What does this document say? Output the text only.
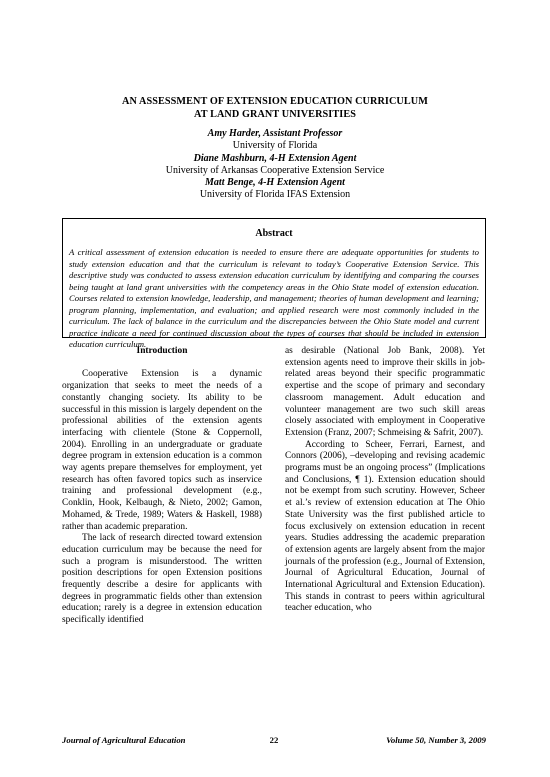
AN ASSESSMENT OF EXTENSION EDUCATION CURRICULUM
AT LAND GRANT UNIVERSITIES
Amy Harder, Assistant Professor
University of Florida
Diane Mashburn, 4-H Extension Agent
University of Arkansas Cooperative Extension Service
Matt Benge, 4-H Extension Agent
University of Florida IFAS Extension
Abstract
A critical assessment of extension education is needed to ensure there are adequate opportunities for students to study extension education and that the curriculum is relevant to today’s Cooperative Extension Service. This descriptive study was conducted to assess extension education curriculum by identifying and comparing the courses being taught at land grant universities with the competency areas in the Ohio State model of extension education. Courses related to extension knowledge, leadership, and management; theories of human development and learning; program planning, implementation, and evaluation; and applied research were most commonly included in the curriculum. The lack of balance in the curriculum and the discrepancies between the Ohio State model and current practice indicate a need for continued discussion about the types of courses that should be included in extension education curriculum.
Introduction

Cooperative Extension is a dynamic organization that seeks to meet the needs of a constantly changing society. Its ability to be successful in this mission is largely dependent on the professional abilities of the extension agents interfacing with clientele (Stone & Coppernoll, 2004). Enrolling in an undergraduate or graduate degree program in extension education is a common way agents prepare themselves for employment, yet research has often favored topics such as inservice training and professional development (e.g., Conklin, Hook, Kelbaugh, & Nieto, 2002; Gamon, Mohamed, & Trede, 1989; Waters & Haskell, 1988) rather than academic preparation.

The lack of research directed toward extension education curriculum may be because the need for such a program is misunderstood. The written position descriptions for open Extension positions frequently describe a desire for applicants with degrees in programmatic fields other than extension education; rarely is a degree in extension education specifically identified

as desirable (National Job Bank, 2008). Yet extension agents need to improve their skills in job-related areas beyond their specific programmatic expertise and the scope of primary and secondary classroom management. Adult education and volunteer management are two such skill areas closely associated with employment in Cooperative Extension (Franz, 2007; Schmeising & Safrit, 2007).

According to Scheer, Ferrari, Earnest, and Connors (2006), –developing and revising academic programs must be an ongoing process” (Implications and Conclusions, ¶ 1). Extension education should not be exempt from such scrutiny. However, Scheer et al.’s review of extension education at The Ohio State University was the first published article to focus exclusively on extension education in recent years. Studies addressing the academic preparation of extension agents are largely absent from the major journals of the profession (e.g., Journal of Extension, Journal of Agricultural Education, Journal of International Agricultural and Extension Education). This stands in contrast to peers within agricultural teacher education, who

Journal of Agricultural Education	22	Volume 50, Number 3, 2009
